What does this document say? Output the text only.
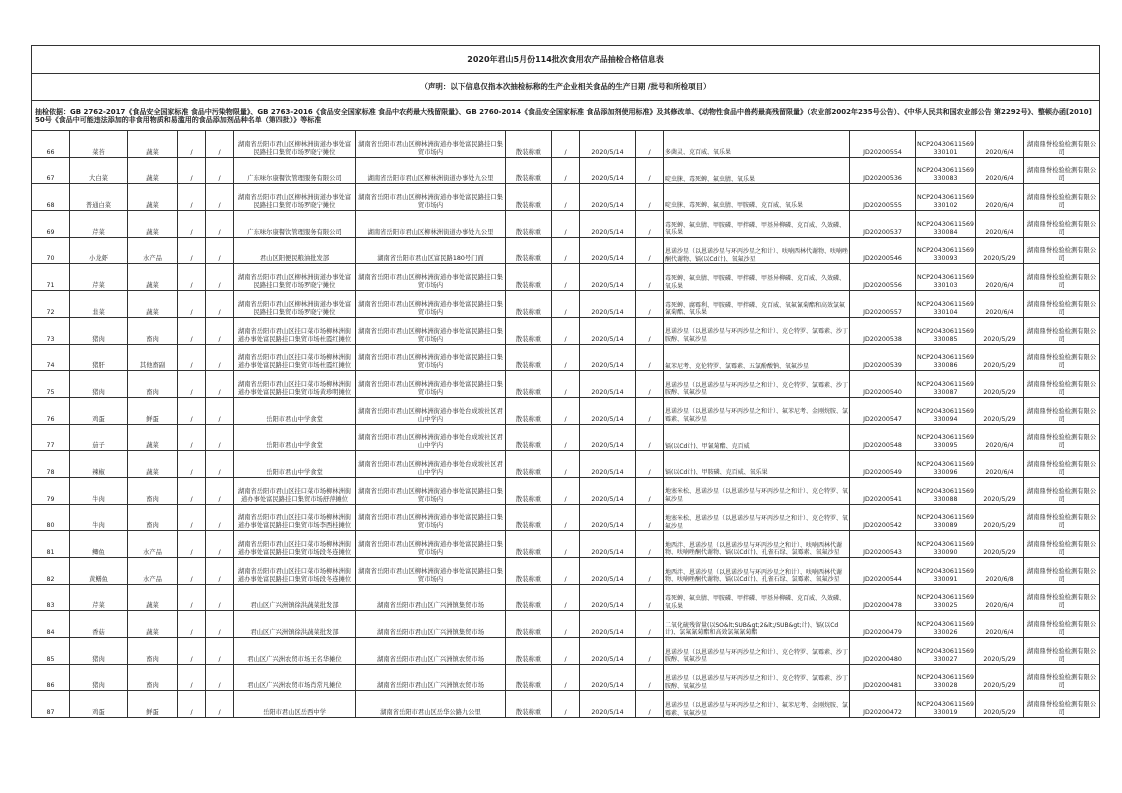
2020年君山5月份114批次食用农产品抽检合格信息表															
（声明：以下信息仅指本次抽检标称的生产企业相关食品的生产日期 /批号和所检项目）															
抽检依据：GB 2762-2017《食品安全国家标准 食品中污染物限量》、GB 2763-2016《食品安全国家标准 食品中农药最大残留限量》、GB 2760-2014《食品安全国家标准 食品添加剂使用标准》及其修改单、《动物性食品中兽药最高残留限量》（农业部2002年235号公告）、《中华人民共和国农业部公告 第2292号》、整顿办函[2010]50号《食品中可能违法添加的非食用物质和易滥用的食品添加剂品种名单（第四批）》等标准															
66	菜苔	蔬菜	/	/	湖南省岳阳市君山区柳林洲街道办事处富民路挂口集贸市场罗晓宁摊位	湖南省岳阳市君山区柳林洲街道办事处富民路挂口集贸市场内	散装称重	/	2020/5/14	/	多菌灵、克百威、氧乐果	JD20200554	NCP20430611569330101	2020/6/4	湖南鼎誉检验检测有限公司
67	大白菜	蔬菜	/	/	广东味尔康餐饮管理服务有限公司	湖南省岳阳市君山区柳林洲街道办事处九公里	散装称重	/	2020/5/14	/	啶虫脒、毒死蜱、氟虫腈、氧乐果	JD20200536	NCP20430611569330083	2020/6/4	湖南鼎誉检验检测有限公司
68	普通白菜	蔬菜	/	/	湖南省岳阳市君山区柳林洲街道办事处富民路挂口集贸市场罗晓宁摊位	湖南省岳阳市君山区柳林洲街道办事处富民路挂口集贸市场内	散装称重	/	2020/5/14	/	啶虫脒、毒死蜱、氟虫腈、甲胺磷、克百威、氧乐果	JD20200555	NCP20430611569330102	2020/6/4	湖南鼎誉检验检测有限公司
69	芹菜	蔬菜	/	/	广东味尔康餐饮管理服务有限公司	湖南省岳阳市君山区柳林洲街道办事处九公里	散装称重	/	2020/5/14	/	毒死蜱、氟虫腈、甲胺磷、甲拌磷、甲基异柳磷、克百威、久效磷、氧乐果	JD20200537	NCP20430611569330084	2020/6/4	湖南鼎誉检验检测有限公司
70	小龙虾	水产品	/	/	君山区阳便民粮油批发部	湖南省岳阳市君山区富民路180号门面	散装称重	/	2020/5/14	/	恩诺沙星（以恩诺沙星与环丙沙星之和计）、呋喃西林代谢物、呋喃唑酮代谢物、镉(以Cd计)、氧氟沙星	JD20200546	NCP20430611569330093	2020/5/29	湖南鼎誉检验检测有限公司
71	芹菜	蔬菜	/	/	湖南省岳阳市君山区柳林洲街道办事处富民路挂口集贸市场罗晓宁摊位	湖南省岳阳市君山区柳林洲街道办事处富民路挂口集贸市场内	散装称重	/	2020/5/14	/	毒死蜱、氟虫腈、甲胺磷、甲拌磷、甲基异柳磷、克百威、久效磷、氧乐果	JD20200556	NCP20430611569330103	2020/6/4	湖南鼎誉检验检测有限公司
72	韭菜	蔬菜	/	/	湖南省岳阳市君山区柳林洲街道办事处富民路挂口集贸市场罗晓宁摊位	湖南省岳阳市君山区柳林洲街道办事处富民路挂口集贸市场内	散装称重	/	2020/5/14	/	毒死蜱、腐霉利、甲胺磷、甲拌磷、克百威、氧氟氰菊酯和高效氯氟氰菊酯、氧乐果	JD20200557	NCP20430611569330104	2020/6/4	湖南鼎誉检验检测有限公司
73	猪肉	畜肉	/	/	湖南省岳阳市君山区挂口菜市场柳林洲街道办事处富民路挂口集贸市场杜霞红摊位	湖南省岳阳市君山区柳林洲街道办事处富民路挂口集贸市场内	散装称重	/	2020/5/14	/	恩诺沙星（以恩诺沙星与环丙沙星之和计）、克仑特罗、氯霉素、沙丁胺醇、氧氟沙星	JD20200538	NCP20430611569330085	2020/5/29	湖南鼎誉检验检测有限公司
74	猪肝	其他畜副	/	/	湖南省岳阳市君山区挂口菜市场柳林洲街道办事处富民路挂口集贸市场杜霞红摊位	湖南省岳阳市君山区柳林洲街道办事处富民路挂口集贸市场内	散装称重	/	2020/5/14	/	氟苯尼考、克伦特罗、氯霉素、五氯酚酸钠、氧氟沙星	JD20200539	NCP20430611569330086	2020/5/29	湖南鼎誉检验检测有限公司
75	猪肉	畜肉	/	/	湖南省岳阳市君山区挂口菜市场柳林洲街道办事处富民路挂口集贸市场黄珍明摊位	湖南省岳阳市君山区柳林洲街道办事处富民路挂口集贸市场内	散装称重	/	2020/5/14	/	恩诺沙星（以恩诺沙星与环丙沙星之和计）、克仑特罗、氯霉素、沙丁胺醇、氧氟沙星	JD20200540	NCP20430611569330087	2020/5/29	湖南鼎誉检验检测有限公司
76	鸡蛋	鲜蛋	/	/	岳阳市君山中学食堂	湖南省岳阳市君山区柳林洲街道办事处台成坡社区君山中学内	散装称重	/	2020/5/14	/	恩诺沙星（以恩诺沙星与环丙沙星之和计）、氟苯尼考、金刚烷胺、氯霉素、氧氟沙星	JD20200547	NCP20430611569330094	2020/5/29	湖南鼎誉检验检测有限公司
77	茄子	蔬菜	/	/	岳阳市君山中学食堂	湖南省岳阳市君山区柳林洲街道办事处台成坡社区君山中学内	散装称重	/	2020/5/14	/	镉(以Cd计)、甲氰菊酯、克百威	JD20200548	NCP20430611569330095	2020/6/4	湖南鼎誉检验检测有限公司
78	辣椒	蔬菜	/	/	岳阳市君山中学食堂	湖南省岳阳市君山区柳林洲街道办事处台成坡社区君山中学内	散装称重	/	2020/5/14	/	镉(以Cd计)、甲胺磷、克百威、氧乐果	JD20200549	NCP20430611569330096	2020/6/4	湖南鼎誉检验检测有限公司
79	牛肉	畜肉	/	/	湖南省岳阳市君山区挂口菜市场柳林洲街道办事处富民路挂口集贸市场舒萍摊位	湖南省岳阳市君山区柳林洲街道办事处富民路挂口集贸市场内	散装称重	/	2020/5/14	/	地塞米松、恩诺沙星（以恩诺沙星与环丙沙星之和计）、克仑特罗、氧氟沙星	JD20200541	NCP20430611569330088	2020/5/29	湖南鼎誉检验检测有限公司
80	牛肉	畜肉	/	/	湖南省岳阳市君山区挂口菜市场柳林洲街道办事处富民路挂口集贸市场李西桂摊位	湖南省岳阳市君山区柳林洲街道办事处富民路挂口集贸市场内	散装称重	/	2020/5/14	/	地塞米松、恩诺沙星（以恩诺沙星与环丙沙星之和计）、克仑特罗、氧氟沙星	JD20200542	NCP20430611569330089	2020/5/29	湖南鼎誉检验检测有限公司
81	鲫鱼	水产品	/	/	湖南省岳阳市君山区挂口菜市场柳林洲街道办事处富民路挂口集贸市场段冬连摊位	湖南省岳阳市君山区柳林洲街道办事处富民路挂口集贸市场内	散装称重	/	2020/5/14	/	地西泮、恩诺沙星（以恩诺沙星与环丙沙星之和计）、呋喃西林代谢物、呋喃唑酮代谢物、镉(以Cd计)、孔雀石绿、氯霉素、氧氟沙星	JD20200543	NCP20430611569330090	2020/5/29	湖南鼎誉检验检测有限公司
82	黄鳝鱼	水产品	/	/	湖南省岳阳市君山区挂口菜市场柳林洲街道办事处富民路挂口集贸市场段冬连摊位	湖南省岳阳市君山区柳林洲街道办事处富民路挂口集贸市场内	散装称重	/	2020/5/14	/	地西泮、恩诺沙星（以恩诺沙星与环丙沙星之和计）、呋喃西林代谢物、呋喃唑酮代谢物、镉(以Cd计)、孔雀石绿、氯霉素、氧氟沙星	JD20200544	NCP20430611569330091	2020/6/8	湖南鼎誉检验检测有限公司
83	芹菜	蔬菜	/	/	君山区广兴洲镇徐洪蔬菜批发部	湖南省岳阳市君山区广兴洲镇集贸市场	散装称重	/	2020/5/14	/	毒死蜱、氟虫腈、甲胺磷、甲拌磷、甲基异柳磷、克百威、久效磷、氧乐果	JD20200478	NCP20430611569330025	2020/6/4	湖南鼎誉检验检测有限公司
84	香菇	蔬菜	/	/	君山区广兴洲镇徐洪蔬菜批发部	湖南省岳阳市君山区广兴洲镇集贸市场	散装称重	/	2020/5/14	/	二氧化硫残留量(以SO&lt;SUB&gt;2&lt;/SUB&gt;计)、镉(以Cd计)、氯氟氰菊酯和高效氯氟氰菊酯	JD20200479	NCP20430611569330026	2020/6/4	湖南鼎誉检验检测有限公司
85	猪肉	畜肉	/	/	君山区广兴洲农贸市场王名华摊位	湖南省岳阳市君山区广兴洲镇农贸市场	散装称重	/	2020/5/14	/	恩诺沙星（以恩诺沙星与环丙沙星之和计）、克仑特罗、氯霉素、沙丁胺醇、氧氟沙星	JD20200480	NCP20430611569330027	2020/5/29	湖南鼎誉检验检测有限公司
86	猪肉	畜肉	/	/	君山区广兴洲农贸市场肖常凡摊位	湖南省岳阳市君山区广兴洲镇农贸市场	散装称重	/	2020/5/14	/	恩诺沙星（以恩诺沙星与环丙沙星之和计）、克仑特罗、氯霉素、沙丁胺醇、氧氟沙星	JD20200481	NCP20430611569330028	2020/5/29	湖南鼎誉检验检测有限公司
87	鸡蛋	鲜蛋	/	/	岳阳市君山区岳西中学	湖南省岳阳市君山区岳华公路九公里	散装称重	/	2020/5/14	/	恩诺沙星（以恩诺沙星与环丙沙星之和计）、氟苯尼考、金刚烷胺、氯霉素、氧氟沙星	JD20200472	NCP20430611569330019	2020/5/29	湖南鼎誉检验检测有限公司
